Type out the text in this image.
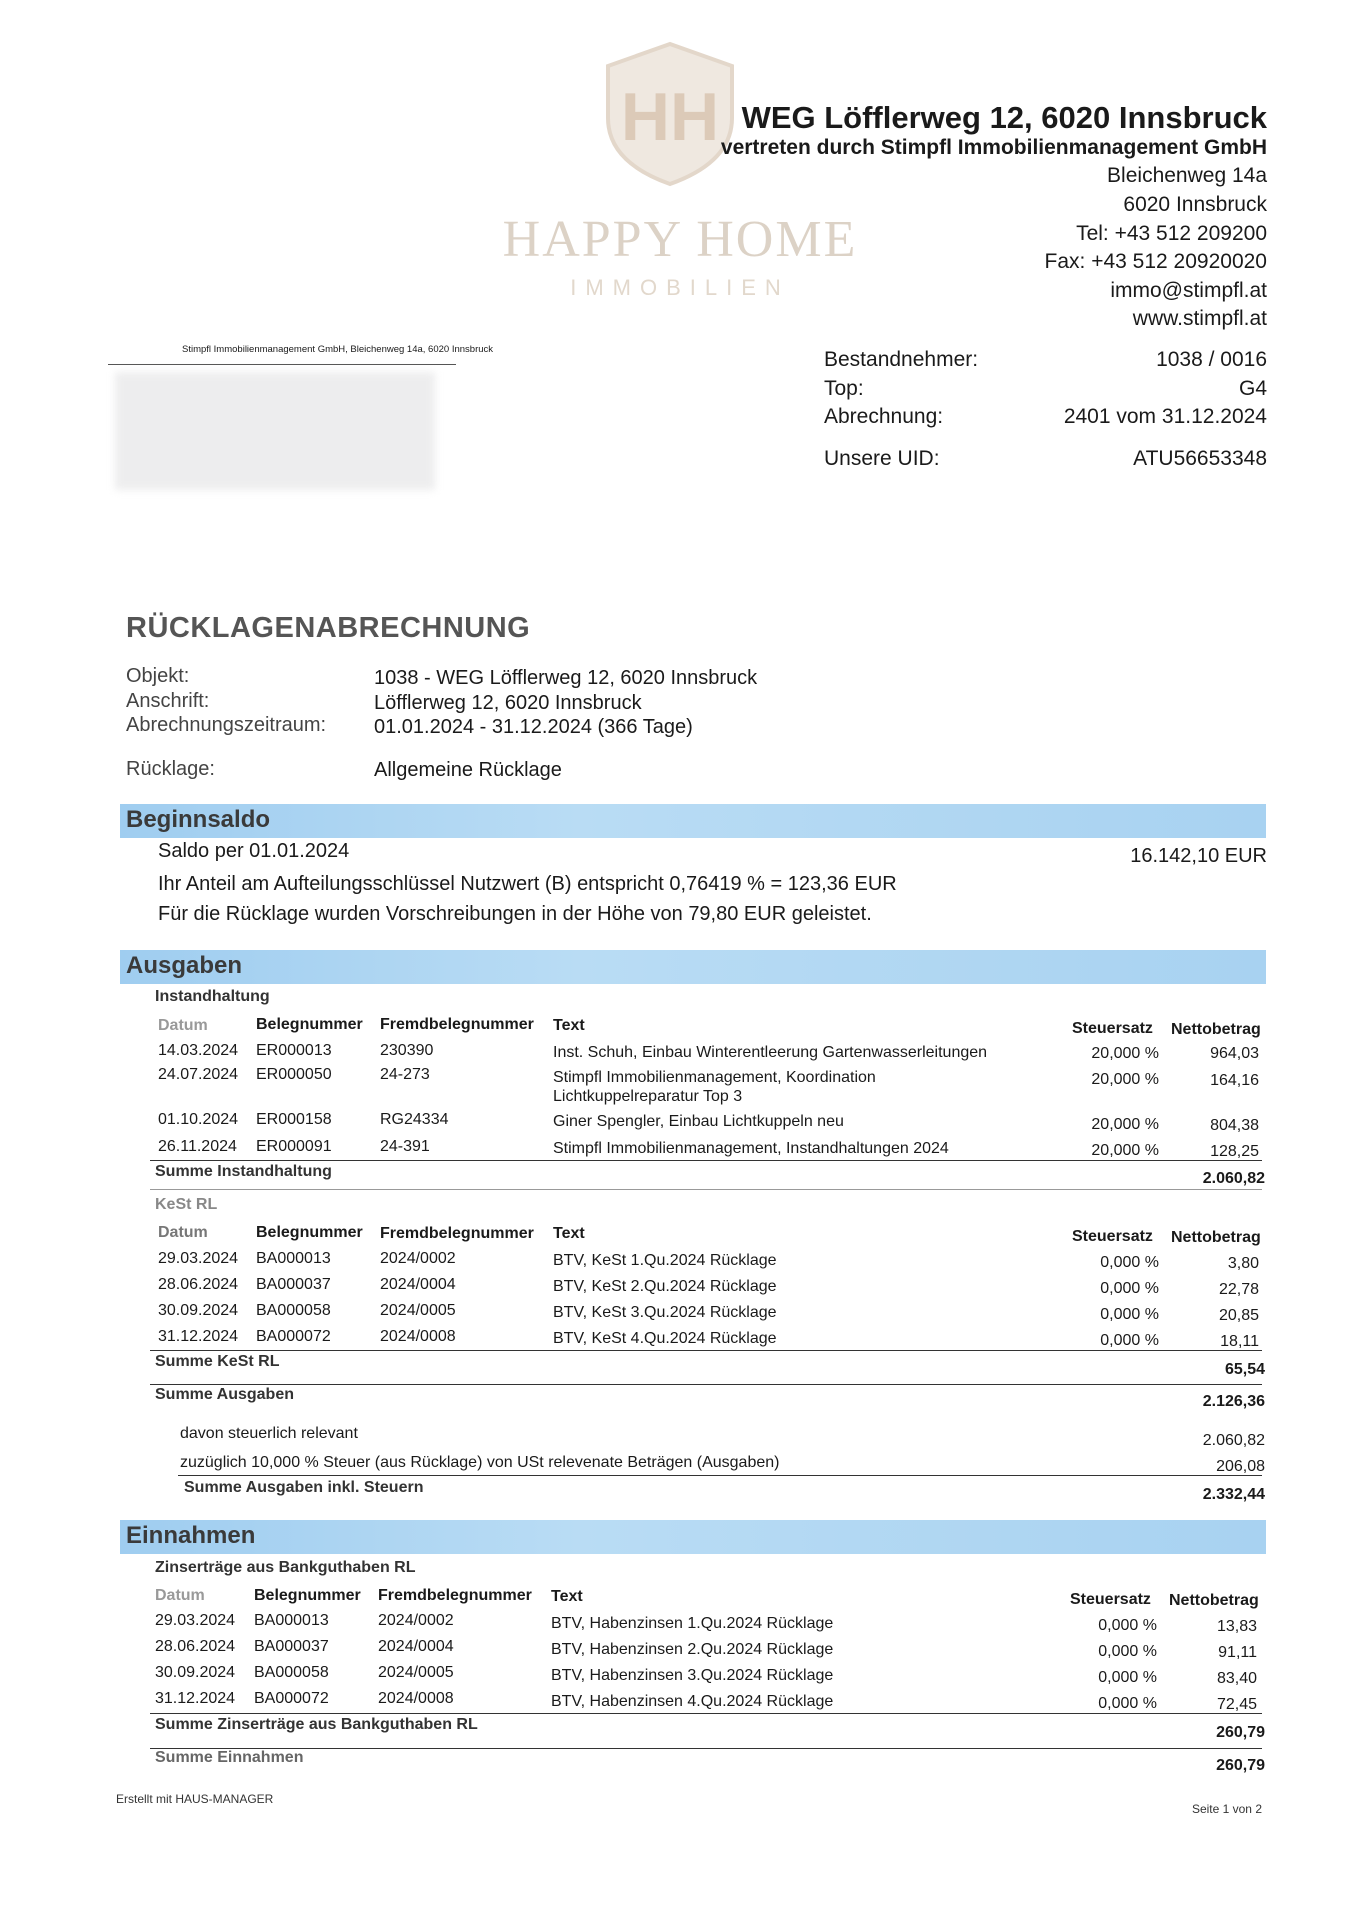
HH
HAPPY HOME
IMMOBILIEN
WEG Löfflerweg 12, 6020 Innsbruck
vertreten durch Stimpfl Immobilienmanagement GmbH
Bleichenweg 14a
6020 Innsbruck
Tel: +43 512 209200
Fax: +43 512 20920020
immo@stimpfl.at
www.stimpfl.at
Stimpfl Immobilienmanagement GmbH, Bleichenweg 14a, 6020 Innsbruck	Bestandnehmer:	1038 / 0016
Top:	G4
Abrechnung:	2401 vom 31.12.2024
Unsere UID:	ATU56653348
RÜCKLAGENABRECHNUNG
Objekt:	1038 - WEG Löfflerweg 12, 6020 Innsbruck
Anschrift:	Löfflerweg 12, 6020 Innsbruck
Abrechnungszeitraum: 01.01.2024 - 31.12.2024 (366 Tage)
Rücklage:	Allgemeine Rücklage
Beginnsaldo
Saldo per 01.01.2024	16.142,10 EUR
Ihr Anteil am Aufteilungsschlüssel Nutzwert (B) entspricht 0,76419 % = 123,36 EUR
Für die Rücklage wurden Vorschreibungen in der Höhe von 79,80 EUR geleistet.
Ausgaben
Instandhaltung
Datum	Belegnummer Fremdbelegnummer Text	Steuersatz Nettobetrag
14.03.2024 ER000013	230390	Inst. Schuh, Einbau Winterentleerung Gartenwasserleitungen	20,000 %	964,03
24.07.2024 ER000050	24-273	Stimpfl Immobilienmanagement, Koordination
Lichtkuppelreparatur Top 3
20,000 %	164,16
01.10.2024 ER000158	RG24334	Giner Spengler, Einbau Lichtkuppeln neu	20,000 %	804,38
26.11.2024 ER000091	24-391	Stimpfl Immobilienmanagement, Instandhaltungen 2024	20,000 %	128,25
Summe Instandhaltung	2.060,82
KeSt RL
Datum	Belegnummer Fremdbelegnummer Text	Steuersatz Nettobetrag
29.03.2024 BA000013	2024/0002	BTV, KeSt 1.Qu.2024 Rücklage	0,000 %	3,80
28.06.2024 BA000037	2024/0004	BTV, KeSt 2.Qu.2024 Rücklage	0,000 %	22,78
30.09.2024 BA000058	2024/0005	BTV, KeSt 3.Qu.2024 Rücklage	0,000 %	20,85
31.12.2024 BA000072	2024/0008	BTV, KeSt 4.Qu.2024 Rücklage	0,000 %	18,11
Summe KeSt RL	65,54
Summe Ausgaben	2.126,36
davon steuerlich relevant	2.060,82
zuzüglich 10,000 % Steuer (aus Rücklage) von USt relevenate Beträgen (Ausgaben)	206,08
Summe Ausgaben inkl. Steuern	2.332,44
Einnahmen
Zinserträge aus Bankguthaben RL
Datum	Belegnummer Fremdbelegnummer Text	Steuersatz Nettobetrag
29.03.2024 BA000013	2024/0002	BTV, Habenzinsen 1.Qu.2024 Rücklage	0,000 %	13,83
28.06.2024 BA000037	2024/0004	BTV, Habenzinsen 2.Qu.2024 Rücklage	0,000 %	91,11
30.09.2024 BA000058	2024/0005	BTV, Habenzinsen 3.Qu.2024 Rücklage	0,000 %	83,40
31.12.2024 BA000072	2024/0008	BTV, Habenzinsen 4.Qu.2024 Rücklage	0,000 %	72,45
Summe Zinserträge aus Bankguthaben RL	260,79
Summe Einnahmen	260,79
Erstellt mit HAUS-MANAGER
Seite 1 von 2
